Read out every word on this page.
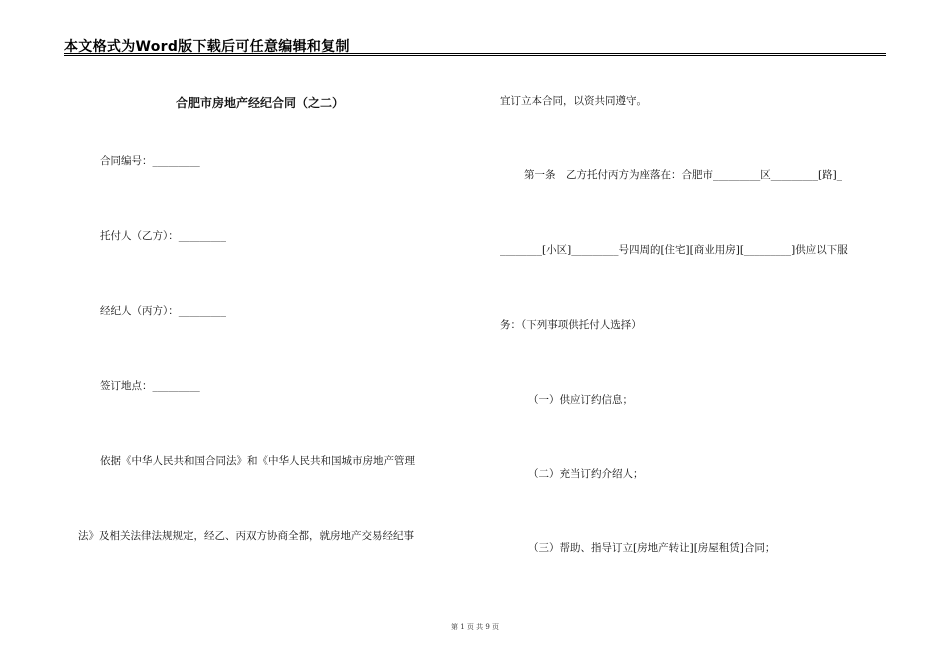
本文格式为Word版下载后可任意编辑和复制
合肥市房地产经纪合同（之二）
合同编号：_________
托付人（乙方）：_________
经纪人（丙方）：_________
签订地点：_________
依据《中华人民共和国合同法》和《中华人民共和国城市房地产管理
法》及相关法律法规规定，经乙、丙双方协商全都，就房地产交易经纪事
宜订立本合同，以资共同遵守。
第一条　乙方托付丙方为座落在：合肥市_________区_________[路]_
________[小区]_________号四周的[住宅][商业用房][_________]供应以下服
务：（下列事项供托付人选择）
（一）供应订约信息；
（二）充当订约介绍人；
（三）帮助、指导订立[房地产转让][房屋租赁]合同；
第 1 页 共 9 页
